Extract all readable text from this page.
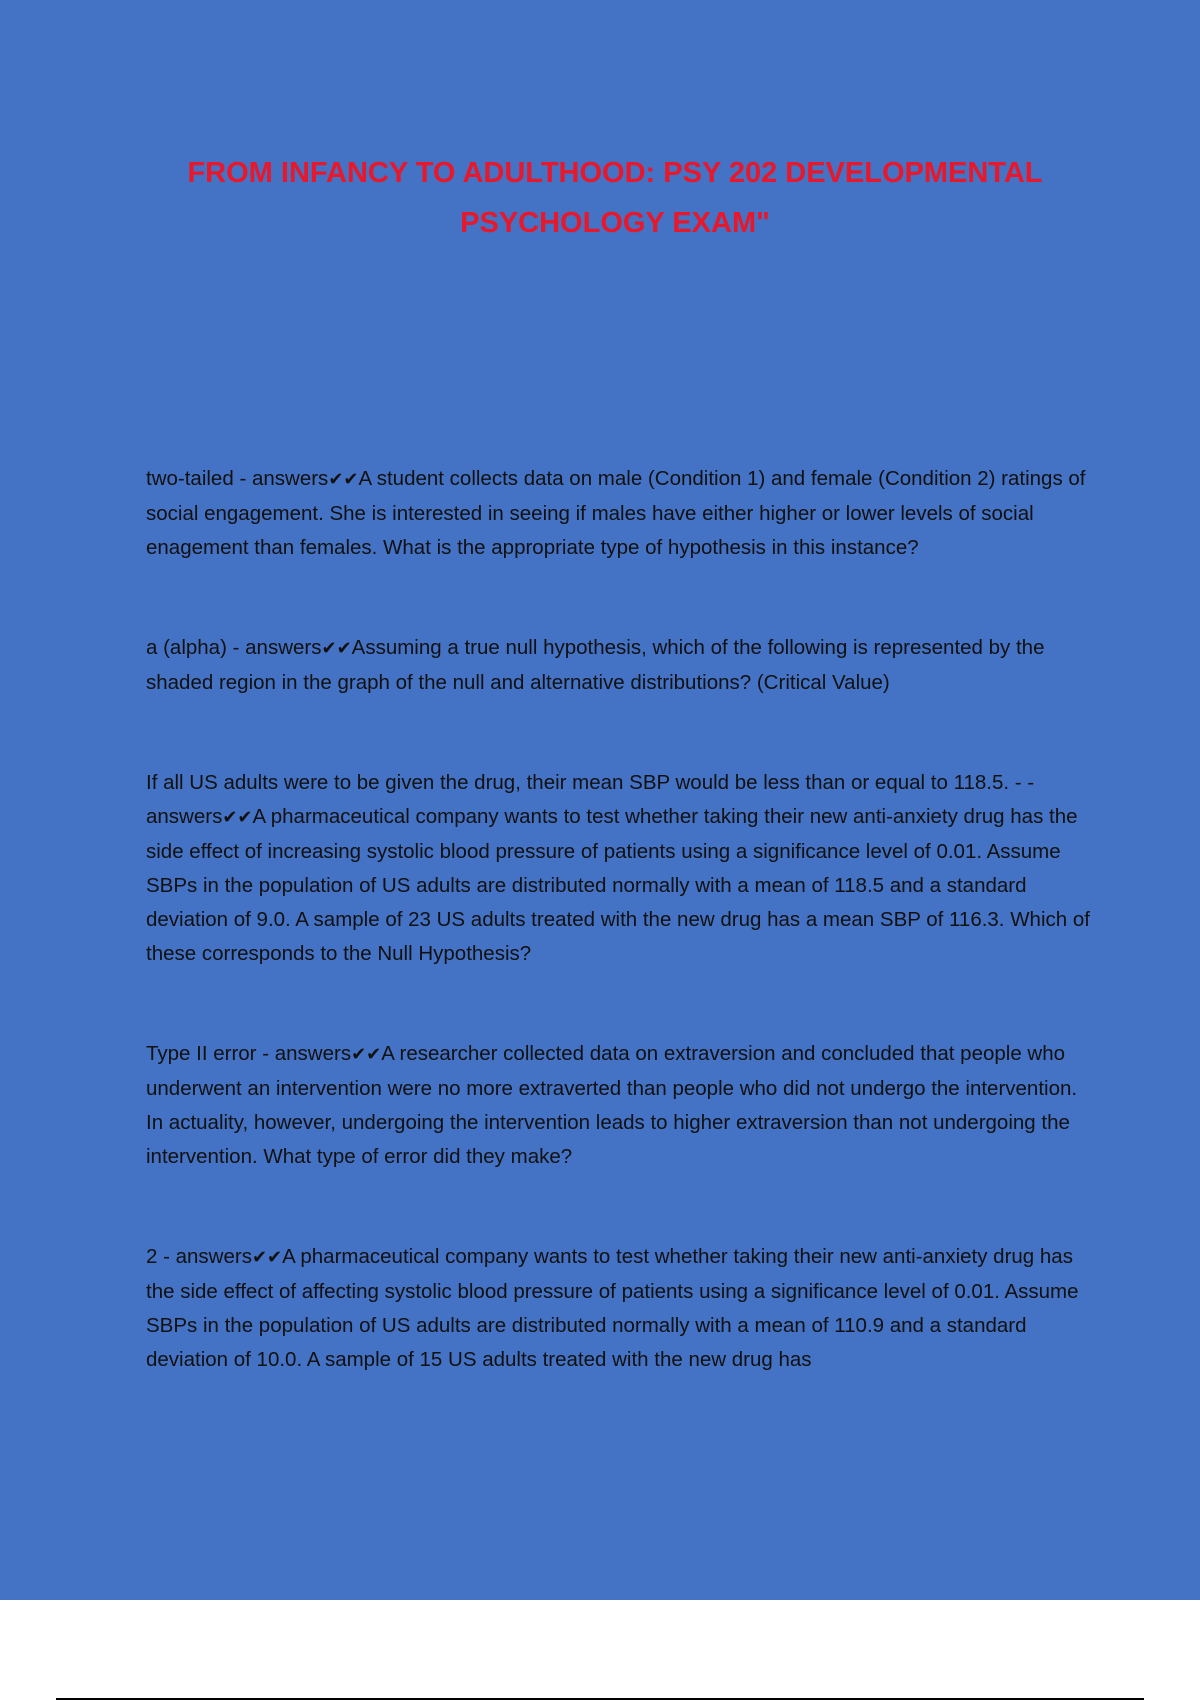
FROM INFANCY TO ADULTHOOD: PSY 202 DEVELOPMENTAL PSYCHOLOGY EXAM"

two-tailed - answers✔✔A student collects data on male (Condition 1) and female (Condition 2) ratings of social engagement. She is interested in seeing if males have either higher or lower levels of social enagement than females. What is the appropriate type of hypothesis in this instance?

a (alpha) - answers✔✔Assuming a true null hypothesis, which of the following is represented by the shaded region in the graph of the null and alternative distributions? (Critical Value)

If all US adults were to be given the drug, their mean SBP would be less than or equal to 118.5. - - answers✔✔A pharmaceutical company wants to test whether taking their new anti-anxiety drug has the side effect of increasing systolic blood pressure of patients using a significance level of 0.01. Assume SBPs in the population of US adults are distributed normally with a mean of 118.5 and a standard deviation of 9.0. A sample of 23 US adults treated with the new drug has a mean SBP of 116.3. Which of these corresponds to the Null Hypothesis?

Type II error - answers✔✔A researcher collected data on extraversion and concluded that people who underwent an intervention were no more extraverted than people who did not undergo the intervention. In actuality, however, undergoing the intervention leads to higher extraversion than not undergoing the intervention. What type of error did they make?

2 - answers✔✔A pharmaceutical company wants to test whether taking their new anti-anxiety drug has the side effect of affecting systolic blood pressure of patients using a significance level of 0.01. Assume SBPs in the population of US adults are distributed normally with a mean of 110.9 and a standard deviation of 10.0. A sample of 15 US adults treated with the new drug has
